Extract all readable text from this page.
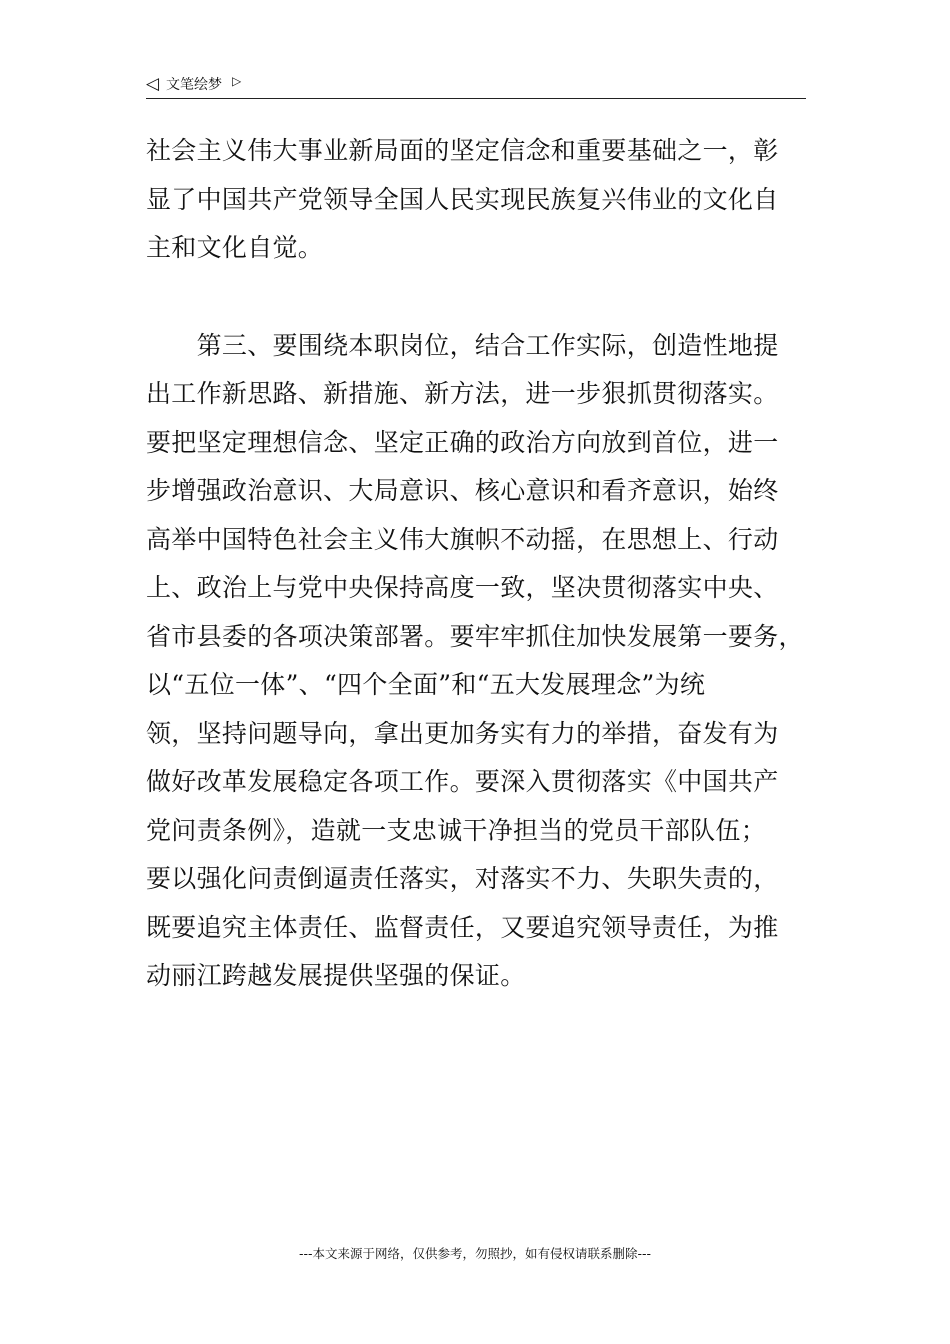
◁ 文笔绘梦 ▷
社会主义伟大事业新局面的坚定信念和重要基础之一，彰
显了中国共产党领导全国人民实现民族复兴伟业的文化自
主和文化自觉。
　　第三、要围绕本职岗位，结合工作实际，创造性地提
出工作新思路、新措施、新方法，进一步狠抓贯彻落实。
要把坚定理想信念、坚定正确的政治方向放到首位，进一
步增强政治意识、大局意识、核心意识和看齐意识，始终
高举中国特色社会主义伟大旗帜不动摇，在思想上、行动
上、政治上与党中央保持高度一致，坚决贯彻落实中央、
省市县委的各项决策部署。要牢牢抓住加快发展第一要务，
以“五位一体”、“四个全面”和“五大发展理念”为统
领，坚持问题导向，拿出更加务实有力的举措，奋发有为
做好改革发展稳定各项工作。要深入贯彻落实《中国共产
党问责条例》，造就一支忠诚干净担当的党员干部队伍；
要以强化问责倒逼责任落实，对落实不力、失职失责的，
既要追究主体责任、监督责任，又要追究领导责任，为推
动丽江跨越发展提供坚强的保证。
---本文来源于网络，仅供参考，勿照抄，如有侵权请联系删除---
